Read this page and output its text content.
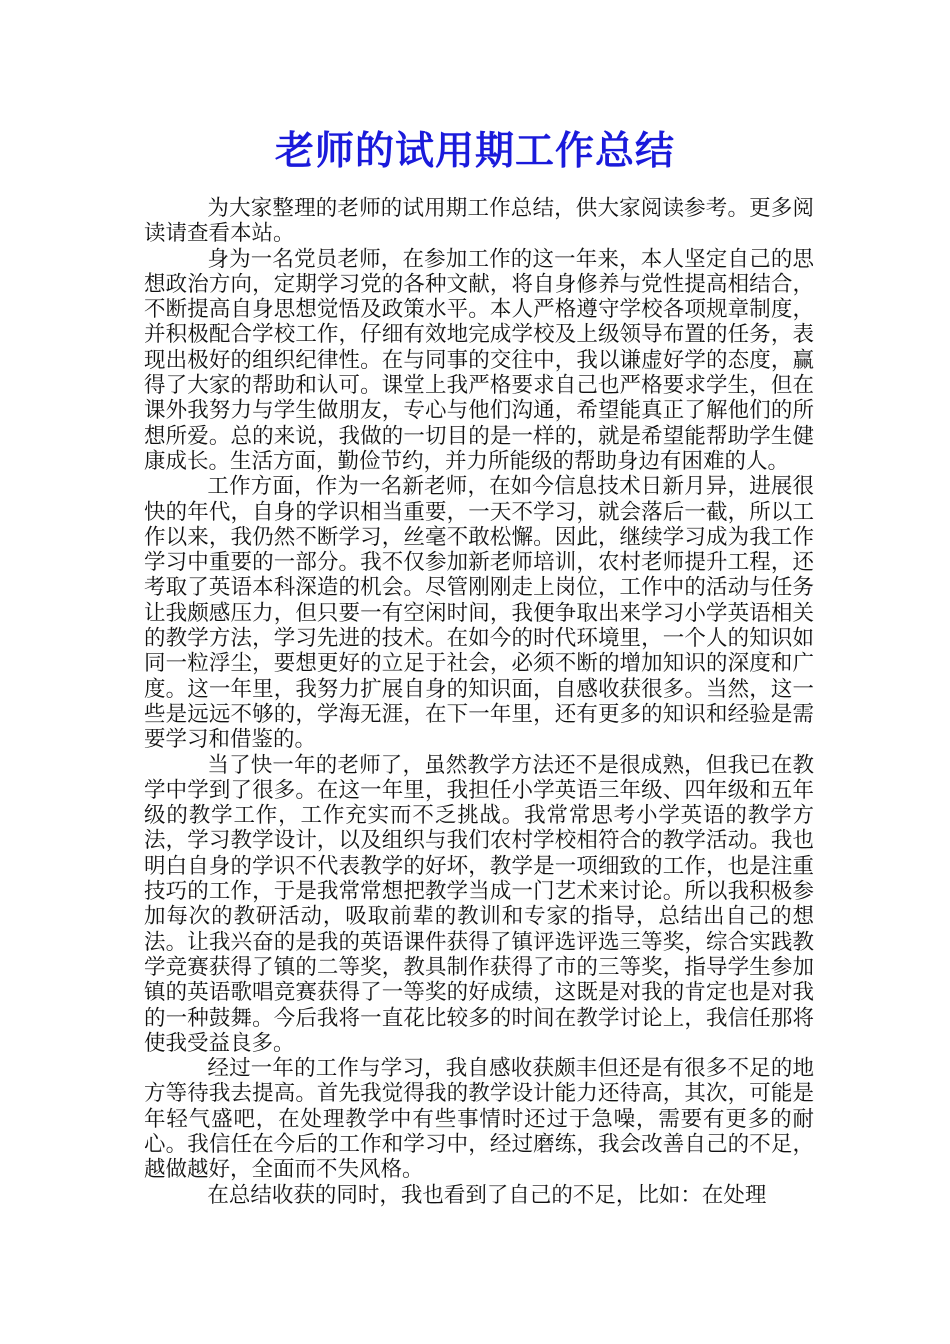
老师的试用期工作总结

为大家整理的老师的试用期工作总结，供大家阅读参考。更多阅读请查看本站。

身为一名党员老师，在参加工作的这一年来，本人坚定自己的思想政治方向，定期学习党的各种文献，将自身修养与党性提高相结合，不断提高自身思想觉悟及政策水平。本人严格遵守学校各项规章制度，并积极配合学校工作，仔细有效地完成学校及上级领导布置的任务，表现出极好的组织纪律性。在与同事的交往中，我以谦虚好学的态度，赢得了大家的帮助和认可。课堂上我严格要求自己也严格要求学生，但在课外我努力与学生做朋友，专心与他们沟通，希望能真正了解他们的所想所爱。总的来说，我做的一切目的是一样的，就是希望能帮助学生健康成长。生活方面，勤俭节约，并力所能级的帮助身边有困难的人。

工作方面，作为一名新老师，在如今信息技术日新月异，进展很快的年代，自身的学识相当重要，一天不学习，就会落后一截，所以工作以来，我仍然不断学习，丝毫不敢松懈。因此，继续学习成为我工作学习中重要的一部分。我不仅参加新老师培训，农村老师提升工程，还考取了英语本科深造的机会。尽管刚刚走上岗位，工作中的活动与任务让我颇感压力，但只要一有空闲时间，我便争取出来学习小学英语相关的教学方法，学习先进的技术。在如今的时代环境里，一个人的知识如同一粒浮尘，要想更好的立足于社会，必须不断的增加知识的深度和广度。这一年里，我努力扩展自身的知识面，自感收获很多。当然，这一些是远远不够的，学海无涯，在下一年里，还有更多的知识和经验是需要学习和借鉴的。

当了快一年的老师了，虽然教学方法还不是很成熟，但我已在教学中学到了很多。在这一年里，我担任小学英语三年级、四年级和五年级的教学工作，工作充实而不乏挑战。我常常思考小学英语的教学方法，学习教学设计，以及组织与我们农村学校相符合的教学活动。我也明白自身的学识不代表教学的好坏，教学是一项细致的工作，也是注重技巧的工作，于是我常常想把教学当成一门艺术来讨论。所以我积极参加每次的教研活动，吸取前辈的教训和专家的指导，总结出自己的想法。让我兴奋的是我的英语课件获得了镇评选评选三等奖，综合实践教学竞赛获得了镇的二等奖，教具制作获得了市的三等奖，指导学生参加镇的英语歌唱竞赛获得了一等奖的好成绩，这既是对我的肯定也是对我的一种鼓舞。今后我将一直花比较多的时间在教学讨论上，我信任那将使我受益良多。

经过一年的工作与学习，我自感收获颇丰但还是有很多不足的地方等待我去提高。首先我觉得我的教学设计能力还待高，其次，可能是年轻气盛吧，在处理教学中有些事情时还过于急噪，需要有更多的耐心。我信任在今后的工作和学习中，经过磨练，我会改善自己的不足，越做越好，全面而不失风格。

在总结收获的同时，我也看到了自己的不足，比如：在处理
